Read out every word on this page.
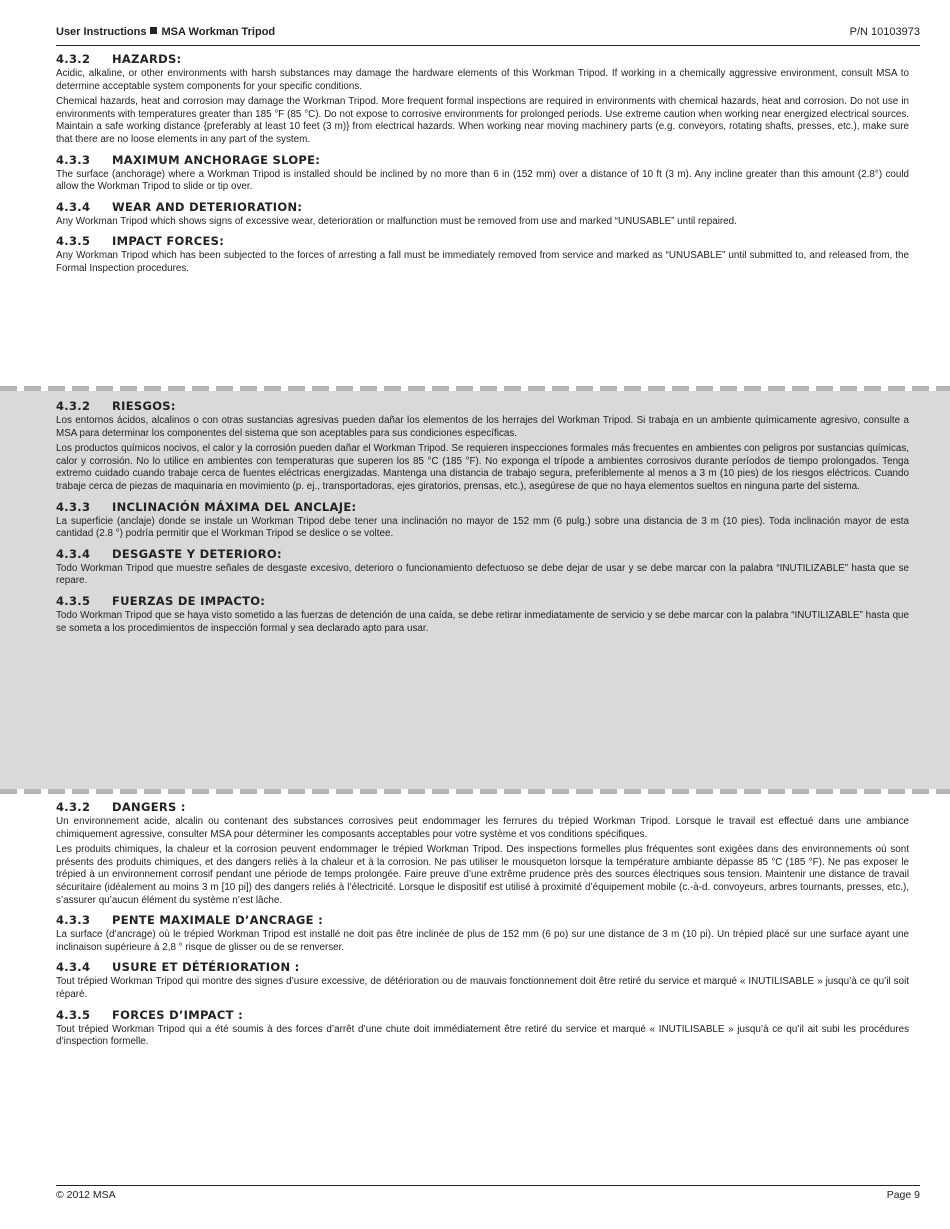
User Instructions MSA Workman Tripod	P/N 10103973
4.3.2 HAZARDS:

Acidic, alkaline, or other environments with harsh substances may damage the hardware elements of this Workman Tripod. If working in a chemically aggressive environment, consult MSA to determine acceptable system components for your specific conditions.

Chemical hazards, heat and corrosion may damage the Workman Tripod. More frequent formal inspections are required in environments with chemical hazards, heat and corrosion. Do not use in environments with temperatures greater than 185 °F (85 °C). Do not expose to corrosive environments for prolonged periods. Use extreme caution when working near energized electrical sources. Maintain a safe working distance {preferably at least 10 feet (3 m)} from electrical hazards. When working near moving machinery parts (e.g. conveyors, rotating shafts, presses, etc.), make sure that there are no loose elements in any part of the system.

4.3.3 MAXIMUM ANCHORAGE SLOPE:

The surface (anchorage) where a Workman Tripod is installed should be inclined by no more than 6 in (152 mm) over a distance of 10 ft (3 m). Any incline greater than this amount (2.8°) could allow the Workman Tripod to slide or tip over.

4.3.4 WEAR AND DETERIORATION:

Any Workman Tripod which shows signs of excessive wear, deterioration or malfunction must be removed from use and marked “UNUSABLE” until repaired.

4.3.5 IMPACT FORCES:

Any Workman Tripod which has been subjected to the forces of arresting a fall must be immediately removed from service and marked as “UNUSABLE” until submitted to, and released from, the Formal Inspection procedures.

4.3.2 RIESGOS:

Los entornos ácidos, alcalinos o con otras sustancias agresivas pueden dañar los elementos de los herrajes del Workman Tripod. Si trabaja en un ambiente químicamente agresivo, consulte a MSA para determinar los componentes del sistema que son aceptables para sus condiciones específicas.

Los productos químicos nocivos, el calor y la corrosión pueden dañar el Workman Tripod. Se requieren inspecciones formales más frecuentes en ambientes con peligros por sustancias químicas, calor y corrosión. No lo utilice en ambientes con temperaturas que superen los 85 °C (185 °F). No exponga el trípode a ambientes corrosivos durante períodos de tiempo prolongados. Tenga extremo cuidado cuando trabaje cerca de fuentes eléctricas energizadas. Mantenga una distancia de trabajo segura, preferiblemente al menos a 3 m (10 pies) de los riesgos eléctricos. Cuando trabaje cerca de piezas de maquinaria en movimiento (p. ej., transportadoras, ejes giratorios, prensas, etc.), asegúrese de que no haya elementos sueltos en ninguna parte del sistema.

4.3.3 INCLINACIÓN MÁXIMA DEL ANCLAJE:

La superficie (anclaje) donde se instale un Workman Tripod debe tener una inclinación no mayor de 152 mm (6 pulg.) sobre una distancia de 3 m (10 pies). Toda inclinación mayor de esta cantidad (2.8 °) podría permitir que el Workman Tripod se deslice o se voltee.

4.3.4 DESGASTE Y DETERIORO:

Todo Workman Tripod que muestre señales de desgaste excesivo, deterioro o funcionamiento defectuoso se debe dejar de usar y se debe marcar con la palabra “INUTILIZABLE” hasta que se repare.

4.3.5 FUERZAS DE IMPACTO:

Todo Workman Tripod que se haya visto sometido a las fuerzas de detención de una caída, se debe retirar inmediatamente de servicio y se debe marcar con la palabra “INUTILIZABLE” hasta que se someta a los procedimientos de inspección formal y sea declarado apto para usar.

4.3.2 DANGERS :

Un environnement acide, alcalin ou contenant des substances corrosives peut endommager les ferrures du trépied Workman Tripod. Lorsque le travail est effectué dans une ambiance chimiquement agressive, consulter MSA pour déterminer les composants acceptables pour votre système et vos conditions spécifiques.

Les produits chimiques, la chaleur et la corrosion peuvent endommager le trépied Workman Tripod. Des inspections formelles plus fréquentes sont exigées dans des environnements où sont présents des produits chimiques, et des dangers reliés à la chaleur et à la corrosion. Ne pas utiliser le mousqueton lorsque la température ambiante dépasse 85 °C (185 °F). Ne pas exposer le trépied à un environnement corrosif pendant une période de temps prolongée. Faire preuve d’une extrême prudence près des sources électriques sous tension. Maintenir une distance de travail sécuritaire (idéalement au moins 3 m [10 pi]) des dangers reliés à l’électricité. Lorsque le dispositif est utilisé à proximité d’équipement mobile (c.-à-d. convoyeurs, arbres tournants, presses, etc.), s’assurer qu’aucun élément du système n’est lâche.

4.3.3 PENTE MAXIMALE D’ANCRAGE :

La surface (d’ancrage) où le trépied Workman Tripod est installé ne doit pas être inclinée de plus de 152 mm (6 po) sur une distance de 3 m (10 pi). Un trépied placé sur une surface ayant une inclinaison supérieure à 2,8 ° risque de glisser ou de se renverser.

4.3.4 USURE ET DÉTÉRIORATION :

Tout trépied Workman Tripod qui montre des signes d’usure excessive, de détérioration ou de mauvais fonctionnement doit être retiré du service et marqué « INUTILISABLE » jusqu’à ce qu’il soit réparé.

4.3.5 FORCES D’IMPACT :

Tout trépied Workman Tripod qui a été soumis à des forces d’arrêt d’une chute doit immédiatement être retiré du service et marqué « INUTILISABLE » jusqu’à ce qu’il ait subi les procédures d’inspection formelle.

© 2012 MSA	Page 9
